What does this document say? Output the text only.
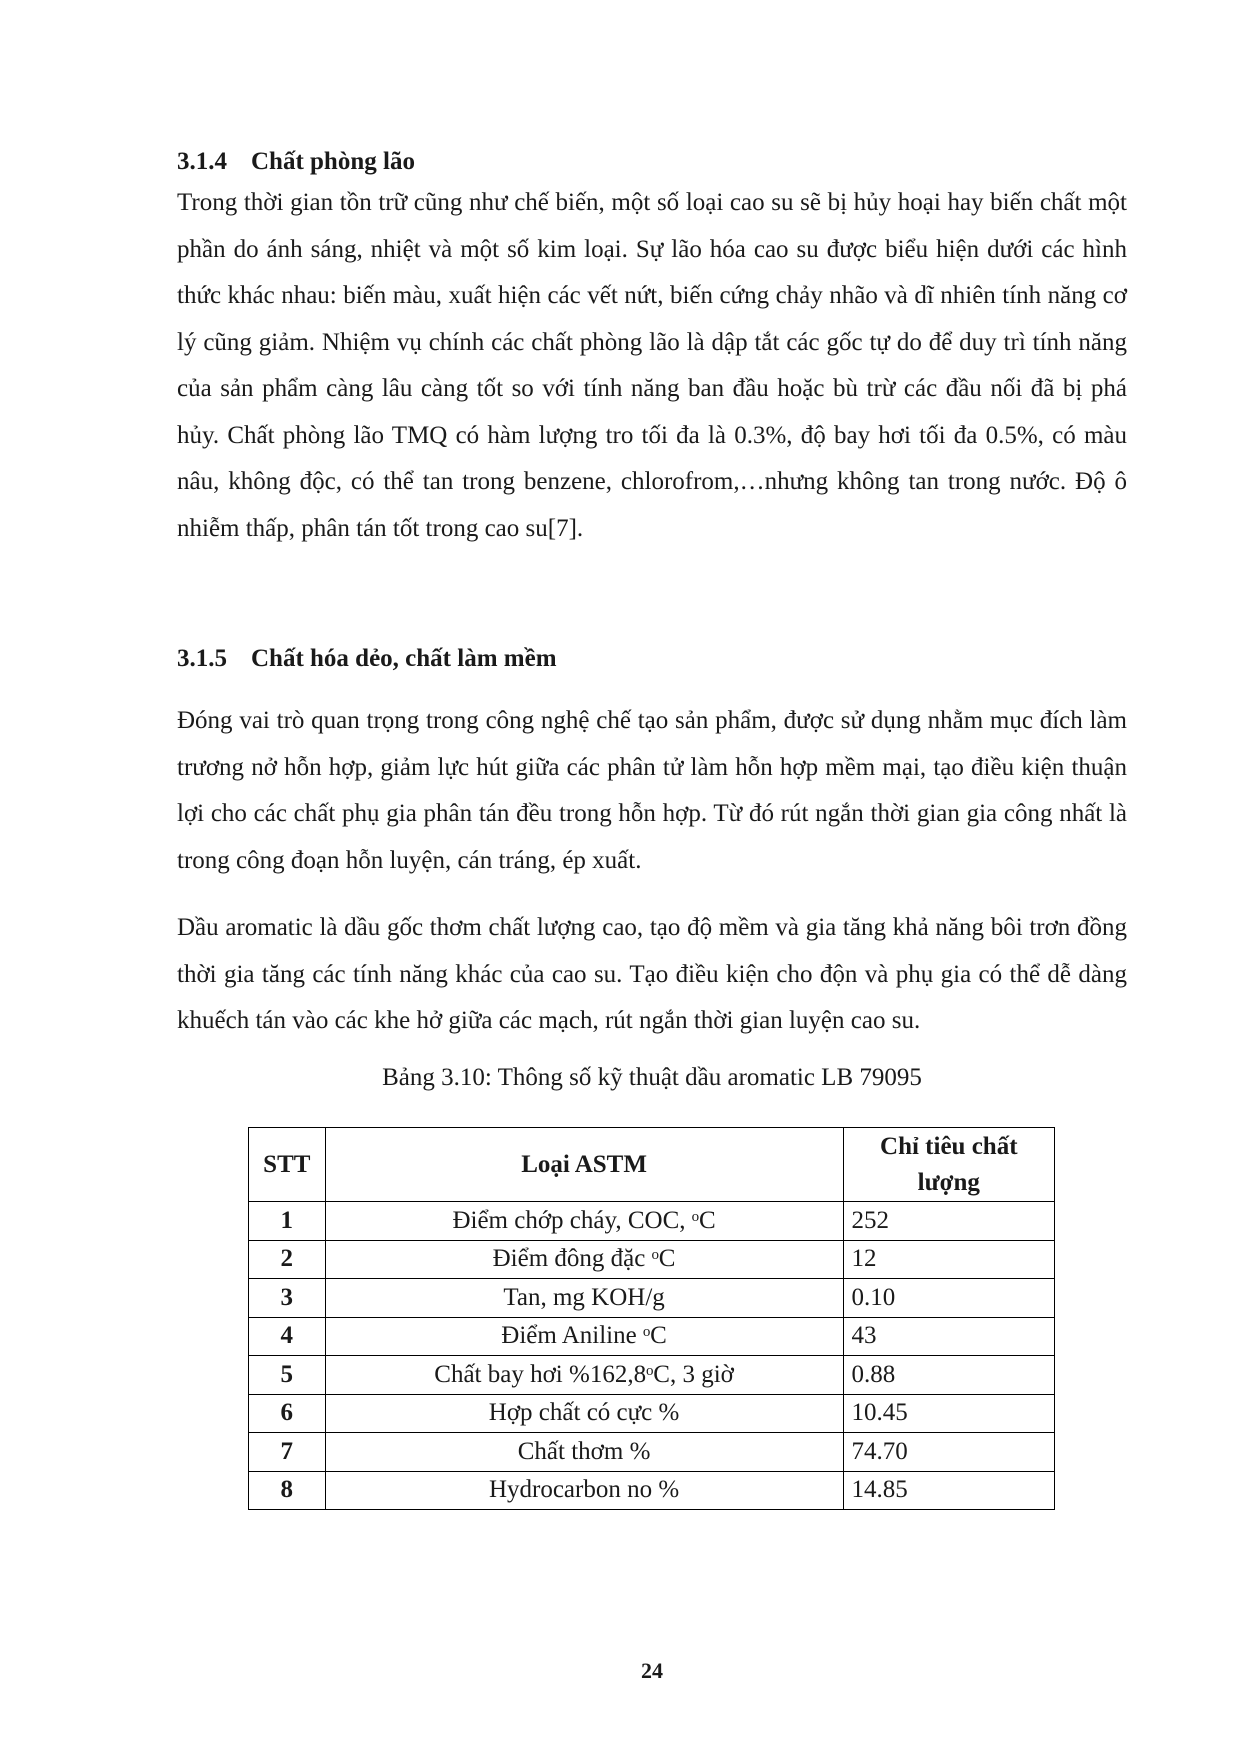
3.1.4 Chất phòng lão

Trong thời gian tồn trữ cũng như chế biến, một số loại cao su sẽ bị hủy hoại hay biến chất một phần do ánh sáng, nhiệt và một số kim loại. Sự lão hóa cao su được biểu hiện dưới các hình thức khác nhau: biến màu, xuất hiện các vết nứt, biến cứng chảy nhão và dĩ nhiên tính năng cơ lý cũng giảm. Nhiệm vụ chính các chất phòng lão là dập tắt các gốc tự do để duy trì tính năng của sản phẩm càng lâu càng tốt so với tính năng ban đầu hoặc bù trừ các đầu nối đã bị phá hủy. Chất phòng lão TMQ có hàm lượng tro tối đa là 0.3%, độ bay hơi tối đa 0.5%, có màu nâu, không độc, có thể tan trong benzene, chlorofrom,…nhưng không tan trong nước. Độ ô nhiễm thấp, phân tán tốt trong cao su[7].

3.1.5 Chất hóa dẻo, chất làm mềm

Đóng vai trò quan trọng trong công nghệ chế tạo sản phẩm, được sử dụng nhằm mục đích làm trương nở hỗn hợp, giảm lực hút giữa các phân tử làm hỗn hợp mềm mại, tạo điều kiện thuận lợi cho các chất phụ gia phân tán đều trong hỗn hợp. Từ đó rút ngắn thời gian gia công nhất là trong công đoạn hỗn luyện, cán tráng, ép xuất.

Dầu aromatic là dầu gốc thơm chất lượng cao, tạo độ mềm và gia tăng khả năng bôi trơn đồng thời gia tăng các tính năng khác của cao su. Tạo điều kiện cho độn và phụ gia có thể dễ dàng khuếch tán vào các khe hở giữa các mạch, rút ngắn thời gian luyện cao su.

Bảng 3.10: Thông số kỹ thuật dầu aromatic LB 79095
STT	Loại ASTM	Chỉ tiêu chất lượng
1	Điểm chớp cháy, COC, ᵒC	252
2	Điểm đông đặc ᵒC	12
3	Tan, mg KOH/g	0.10
4	Điểm Aniline ᵒC	43
5	Chất bay hơi %162,8ᵒC, 3 giờ	0.88
6	Hợp chất có cực %	10.45
7	Chất thơm %	74.70
8	Hydrocarbon no %	14.85
24
